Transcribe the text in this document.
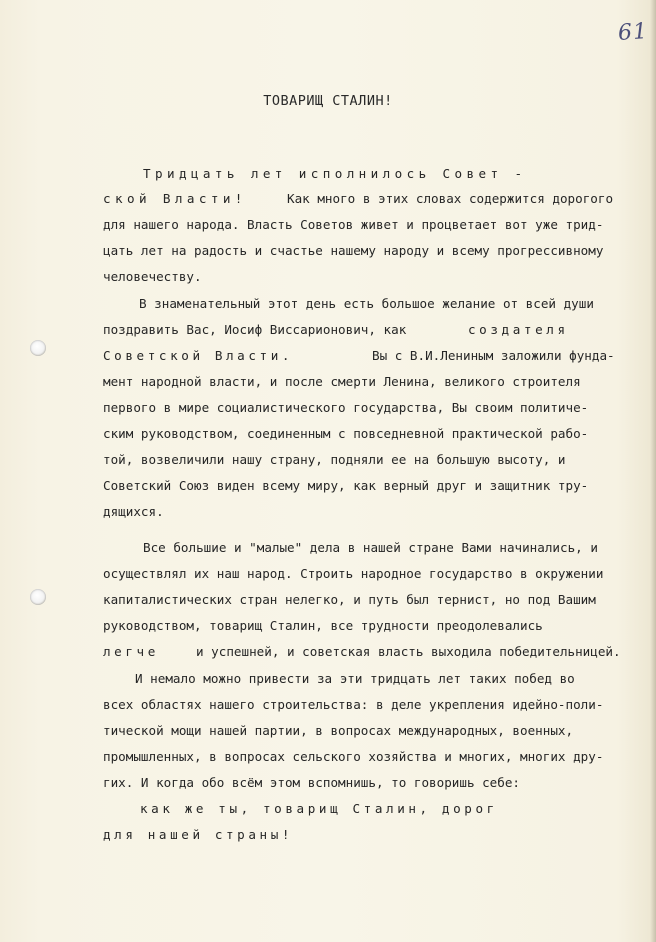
61
ТОВАРИЩ СТАЛИН!
Тридцать лет исполнилось Совет -
ской Власти!	Как много в этих словах содержится дорогого
для нашего народа. Власть Советов живет и процветает вот уже трид-
цать лет на радость и счастье нашему народу и всему прогрессивному
человечеству.
В знаменательный этот день есть большое желание от всей души
поздравить Вас, Иосиф Виссарионович, как	создателя
Советской Власти.	Вы с В.И.Лениным заложили фунда-
мент народной власти, и после смерти Ленина, великого строителя
первого в мире социалистического государства, Вы своим политиче-
ским руководством, соединенным с повседневной практической рабо-
той, возвеличили нашу страну, подняли ее на большую высоту, и
Советский Союз виден всему миру, как верный друг и защитник тру-
дящихся.
Все большие и "малые" дела в нашей стране Вами начинались, и
осуществлял их наш народ. Строить народное государство в окружении
капиталистических стран нелегко, и путь был тернист, но под Вашим
руководством, товарищ Сталин, все трудности преодолевались
легче	и успешней, и советская власть выходила победительницей.
И немало можно привести за эти тридцать лет таких побед во
всех областях нашего строительства: в деле укрепления идейно-поли-
тической мощи нашей партии, в вопросах международных, военных,
промышленных, в вопросах сельского хозяйства и многих, многих дру-
гих. И когда обо всём этом вспомнишь, то говоришь себе:
как же ты, товарищ Сталин, дорог
для нашей страны!
